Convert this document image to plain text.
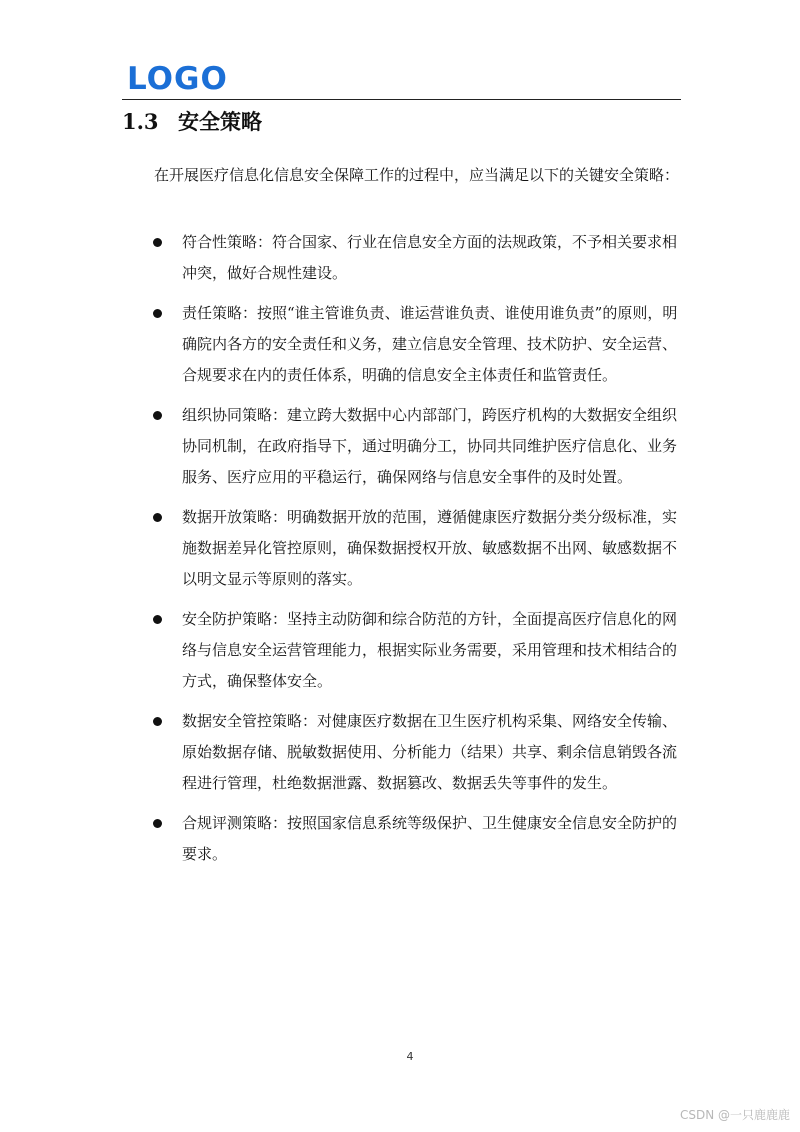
LOGO
1.3 安全策略

在开展医疗信息化信息安全保障工作的过程中，应当满足以下的关键安全策略：

符合性策略：符合国家、行业在信息安全方面的法规政策，不予相关要求相冲突，做好合规性建设。
责任策略：按照“谁主管谁负责、谁运营谁负责、谁使用谁负责”的原则，明确院内各方的安全责任和义务，建立信息安全管理、技术防护、安全运营、合规要求在内的责任体系，明确的信息安全主体责任和监管责任。
组织协同策略：建立跨大数据中心内部部门，跨医疗机构的大数据安全组织协同机制，在政府指导下，通过明确分工，协同共同维护医疗信息化、业务服务、医疗应用的平稳运行，确保网络与信息安全事件的及时处置。
数据开放策略：明确数据开放的范围，遵循健康医疗数据分类分级标准，实施数据差异化管控原则，确保数据授权开放、敏感数据不出网、敏感数据不以明文显示等原则的落实。
安全防护策略：坚持主动防御和综合防范的方针，全面提高医疗信息化的网络与信息安全运营管理能力，根据实际业务需要，采用管理和技术相结合的方式，确保整体安全。
数据安全管控策略：对健康医疗数据在卫生医疗机构采集、网络安全传输、原始数据存储、脱敏数据使用、分析能力（结果）共享、剩余信息销毁各流程进行管理，杜绝数据泄露、数据篡改、数据丢失等事件的发生。
合规评测策略：按照国家信息系统等级保护、卫生健康安全信息安全防护的要求。
4
CSDN @一只鹿鹿鹿
